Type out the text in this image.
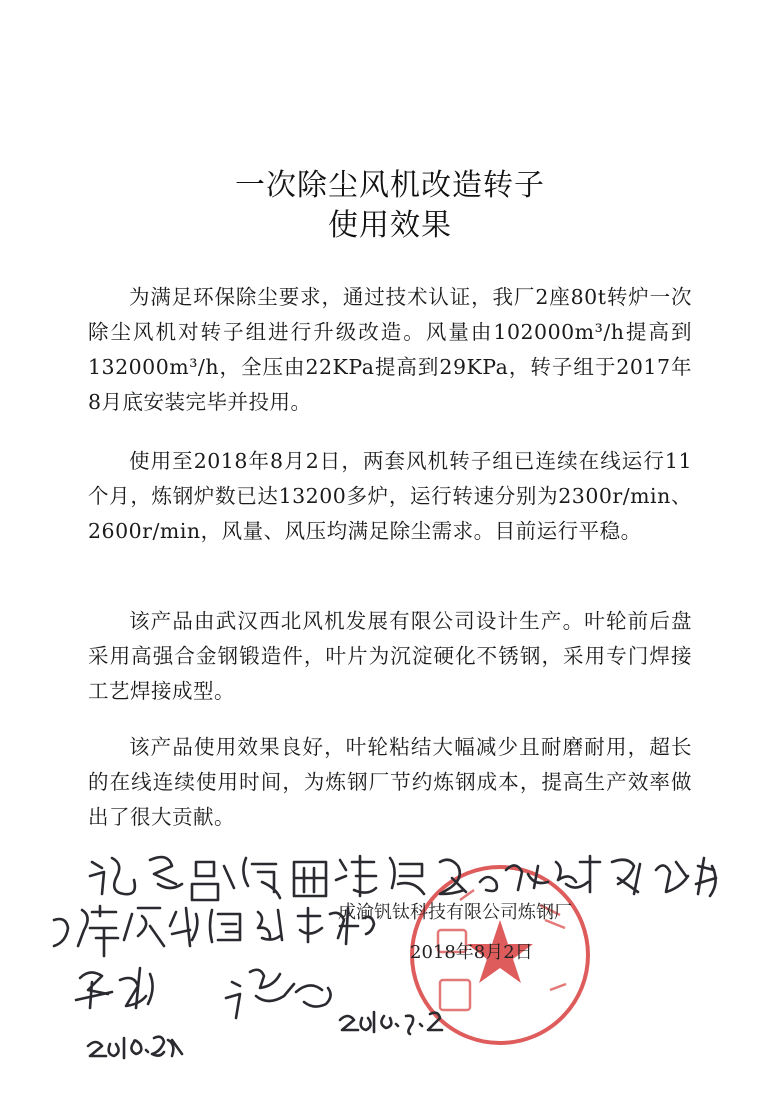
一次除尘风机改造转子
使用效果

为满足环保除尘要求，通过技术认证，我厂2座80t转炉一次除尘风机对转子组进行升级改造。风量由102000m³/h提高到132000m³/h，全压由22KPa提高到29KPa，转子组于2017年8月底安装完毕并投用。

使用至2018年8月2日，两套风机转子组已连续在线运行11个月，炼钢炉数已达13200多炉，运行转速分别为2300r/min、2600r/min，风量、风压均满足除尘需求。目前运行平稳。

该产品由武汉西北风机发展有限公司设计生产。叶轮前后盘采用高强合金钢锻造件，叶片为沉淀硬化不锈钢，采用专门焊接工艺焊接成型。

该产品使用效果良好，叶轮粘结大幅减少且耐磨耐用，超长的在线连续使用时间，为炼钢厂节约炼钢成本，提高生产效率做出了很大贡献。

成渝钒钛科技有限公司炼钢厂
2018年8月2日
